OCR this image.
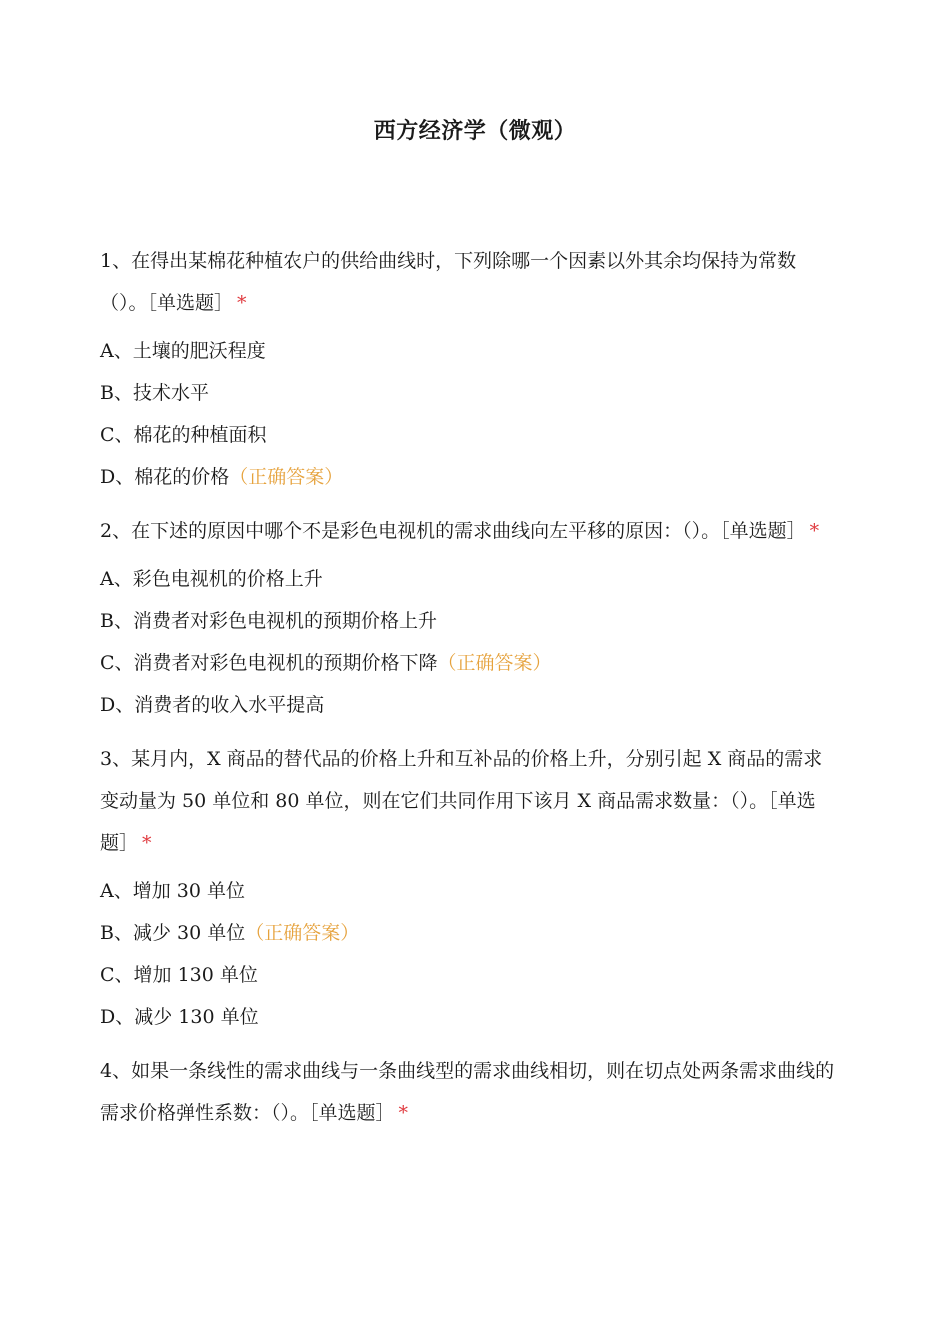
西方经济学（微观）

1、在得出某棉花种植农户的供给曲线时，下列除哪一个因素以外其余均保持为常数（）。［单选题］ *

A、土壤的肥沃程度
B、技术水平
C、棉花的种植面积
D、棉花的价格（正确答案）

2、在下述的原因中哪个不是彩色电视机的需求曲线向左平移的原因：（）。［单选题］ *

A、彩色电视机的价格上升
B、消费者对彩色电视机的预期价格上升
C、消费者对彩色电视机的预期价格下降（正确答案）
D、消费者的收入水平提高

3、某月内，X 商品的替代品的价格上升和互补品的价格上升，分别引起 X 商品的需求变动量为 50 单位和 80 单位，则在它们共同作用下该月 X 商品需求数量：（）。［单选题］ *

A、增加 30 单位
B、减少 30 单位（正确答案）
C、增加 130 单位
D、减少 130 单位

4、如果一条线性的需求曲线与一条曲线型的需求曲线相切，则在切点处两条需求曲线的需求价格弹性系数：（）。［单选题］ *
